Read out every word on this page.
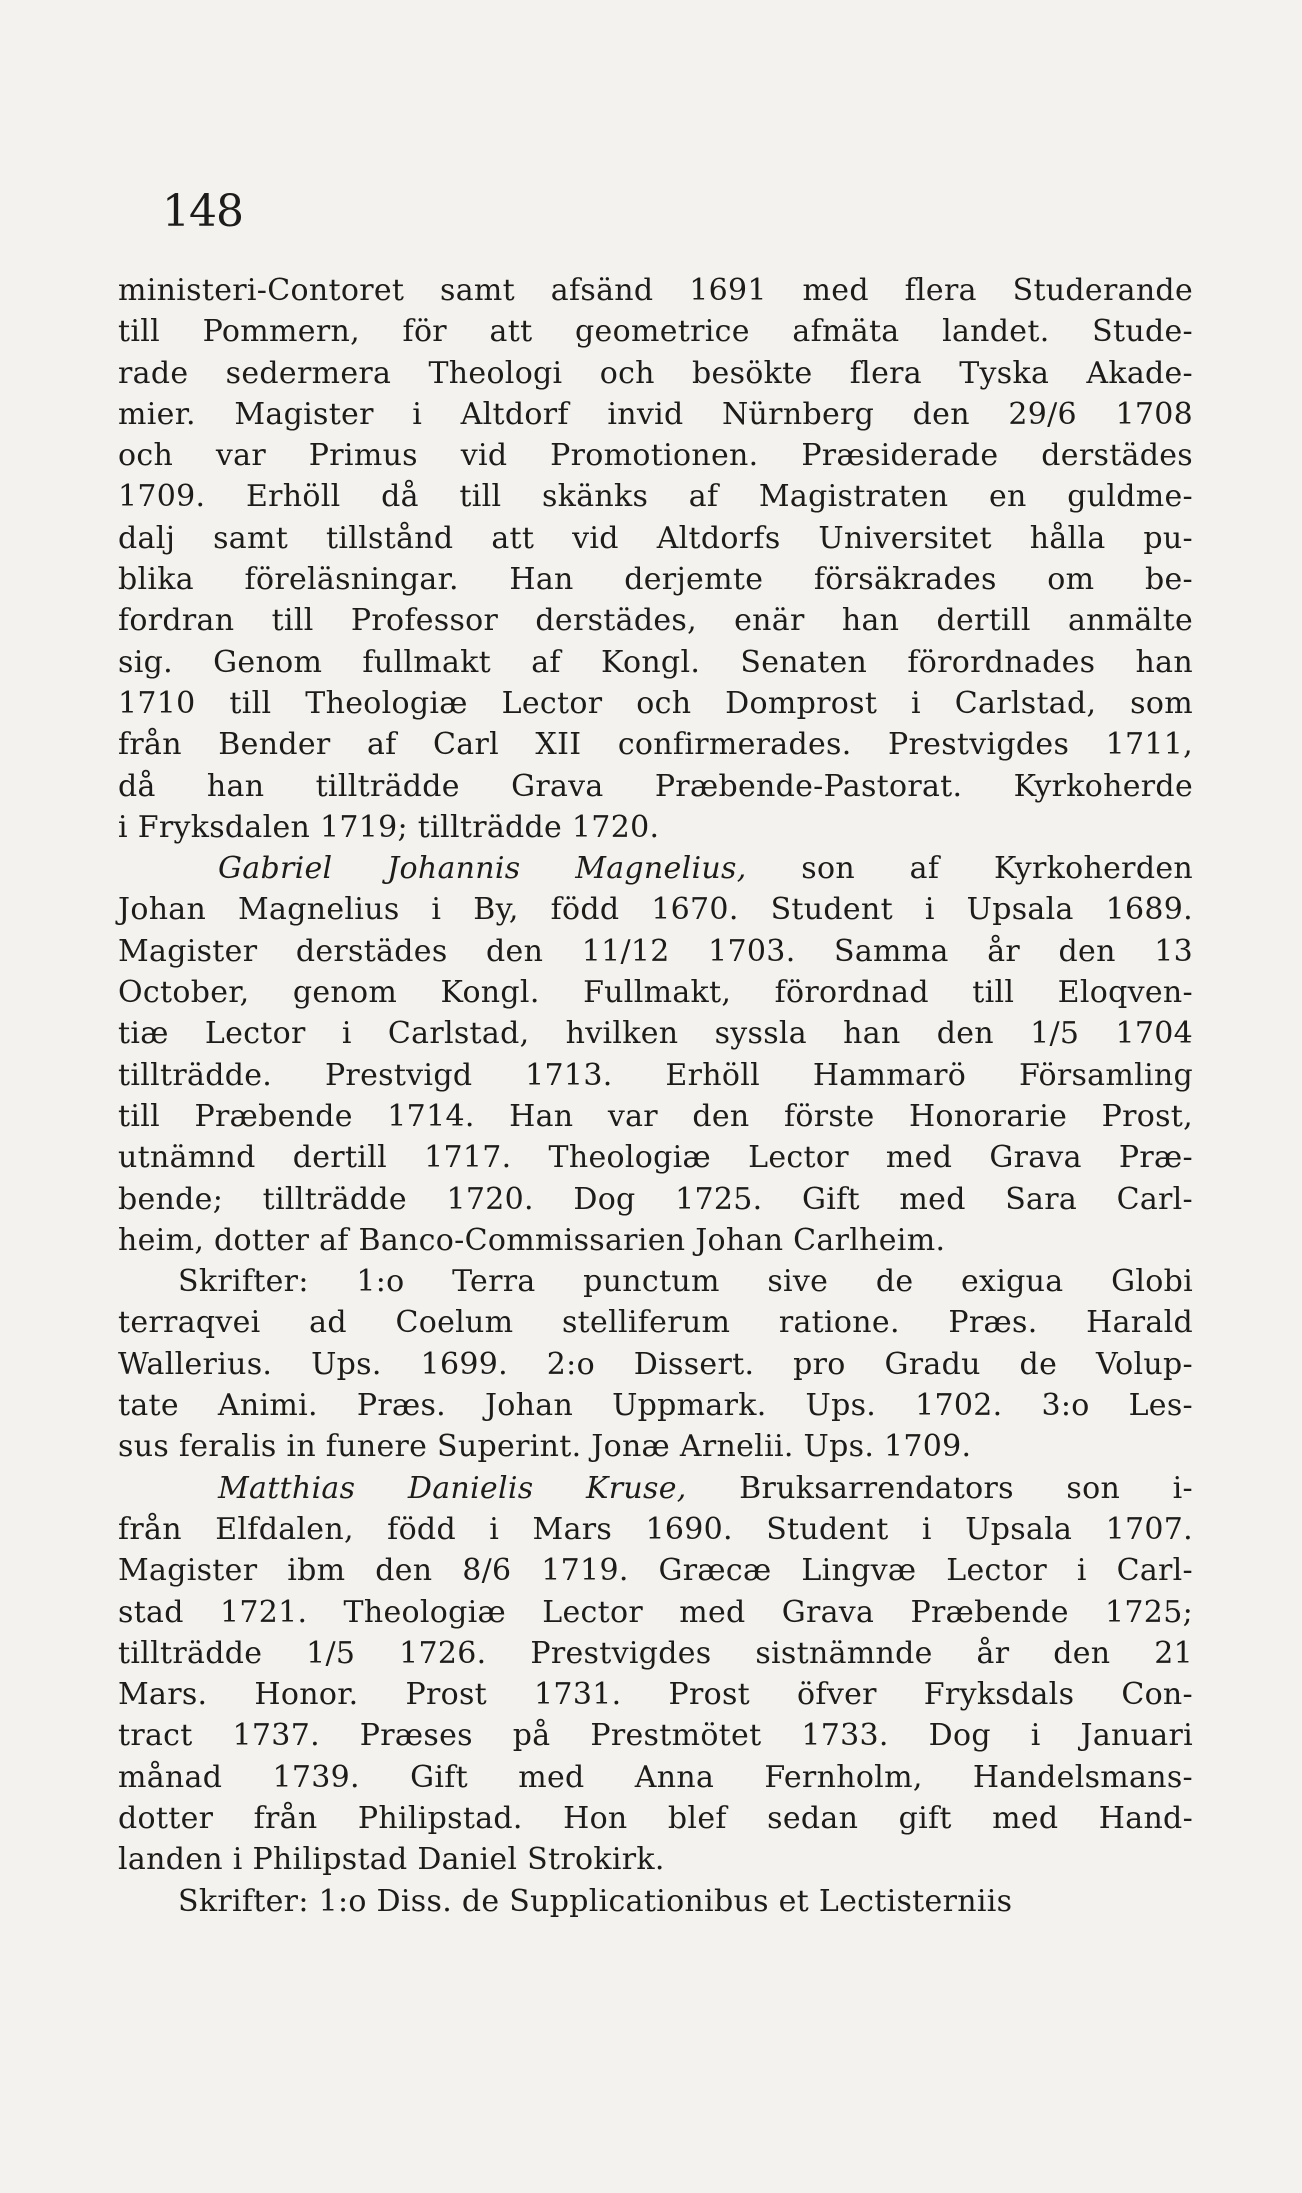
148
ministeri-Contoret samt afsänd 1691 med flera Studerande
till Pommern, för att geometrice afmäta landet. Stude-
rade sedermera Theologi och besökte flera Tyska Akade-
mier. Magister i Altdorf invid Nürnberg den 29/6 1708
och var Primus vid Promotionen. Præsiderade derstädes
1709. Erhöll då till skänks af Magistraten en guldme-
dalj samt tillstånd att vid Altdorfs Universitet hålla pu-
blika föreläsningar. Han derjemte försäkrades om be-
fordran till Professor derstädes, enär han dertill anmälte
sig. Genom fullmakt af Kongl. Senaten förordnades han
1710 till Theologiæ Lector och Domprost i Carlstad, som
från Bender af Carl XII confirmerades. Prestvigdes 1711,
då han tillträdde Grava Præbende-Pastorat. Kyrkoherde
i Fryksdalen 1719; tillträdde 1720.
Gabriel Johannis Magnelius, son af Kyrkoherden
Johan Magnelius i By, född 1670. Student i Upsala 1689.
Magister derstädes den 11/12 1703. Samma år den 13
October, genom Kongl. Fullmakt, förordnad till Eloqven-
tiæ Lector i Carlstad, hvilken syssla han den 1/5 1704
tillträdde. Prestvigd 1713. Erhöll Hammarö Församling
till Præbende 1714. Han var den förste Honorarie Prost,
utnämnd dertill 1717. Theologiæ Lector med Grava Præ-
bende; tillträdde 1720. Dog 1725. Gift med Sara Carl-
heim, dotter af Banco-Commissarien Johan Carlheim.
Skrifter: 1:o Terra punctum sive de exigua Globi
terraqvei ad Coelum stelliferum ratione. Præs. Harald
Wallerius. Ups. 1699. 2:o Dissert. pro Gradu de Volup-
tate Animi. Præs. Johan Uppmark. Ups. 1702. 3:o Les-
sus feralis in funere Superint. Jonæ Arnelii. Ups. 1709.
Matthias Danielis Kruse, Bruksarrendators son i-
från Elfdalen, född i Mars 1690. Student i Upsala 1707.
Magister ibm den 8/6 1719. Græcæ Lingvæ Lector i Carl-
stad 1721. Theologiæ Lector med Grava Præbende 1725;
tillträdde 1/5 1726. Prestvigdes sistnämnde år den 21
Mars. Honor. Prost 1731. Prost öfver Fryksdals Con-
tract 1737. Præses på Prestmötet 1733. Dog i Januari
månad 1739. Gift med Anna Fernholm, Handelsmans-
dotter från Philipstad. Hon blef sedan gift med Hand-
landen i Philipstad Daniel Strokirk.
Skrifter: 1:o Diss. de Supplicationibus et Lectisterniis
